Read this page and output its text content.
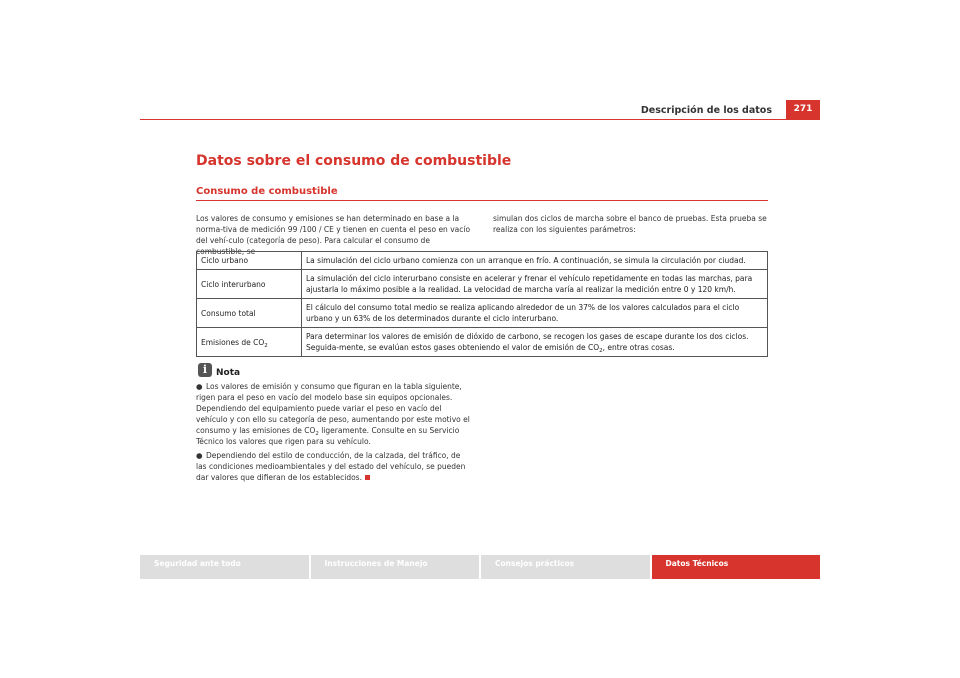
Descripción de los datos	271
Datos sobre el consumo de combustible
Consumo de combustible
Los valores de consumo y emisiones se han determinado en base a la norma-tiva de medición 99 /100 / CE y tienen en cuenta el peso en vacío del vehí-culo (categoría de peso). Para calcular el consumo de combustible, se
simulan dos ciclos de marcha sobre el banco de pruebas. Esta prueba se realiza con los siguientes parámetros:
Ciclo urbano	La simulación del ciclo urbano comienza con un arranque en frío. A continuación, se simula la circulación por ciudad.
Ciclo interurbano	La simulación del ciclo interurbano consiste en acelerar y frenar el vehículo repetidamente en todas las marchas, para ajustarla lo máximo posible a la realidad. La velocidad de marcha varía al realizar la medición entre 0 y 120 km/h.
Consumo total	El cálculo del consumo total medio se realiza aplicando alrededor de un 37% de los valores calculados para el ciclo urbano y un 63% de los determinados durante el ciclo interurbano.
Emisiones de $CO_2$	Para determinar los valores de emisión de dióxido de carbono, se recogen los gases de escape durante los dos ciclos. Seguida-mente, se evalúan estos gases obteniendo el valor de emisión de $CO_2$, entre otras cosas.
i Nota
● Los valores de emisión y consumo que figuran en la tabla siguiente, rigen para el peso en vacío del modelo base sin equipos opcionales. Dependiendo del equipamiento puede variar el peso en vacío del vehículo y con ello su categoría de peso, aumentando por este motivo el consumo y las emisiones de $CO_2$ ligeramente. Consulte en su Servicio Técnico los valores que rigen para su vehículo.
● Dependiendo del estilo de conducción, de la calzada, del tráfico, de las condiciones medioambientales y del estado del vehículo, se pueden dar valores que difieran de los establecidos.
Seguridad ante todo	Instrucciones de Manejo	Consejos prácticos	Datos Técnicos
